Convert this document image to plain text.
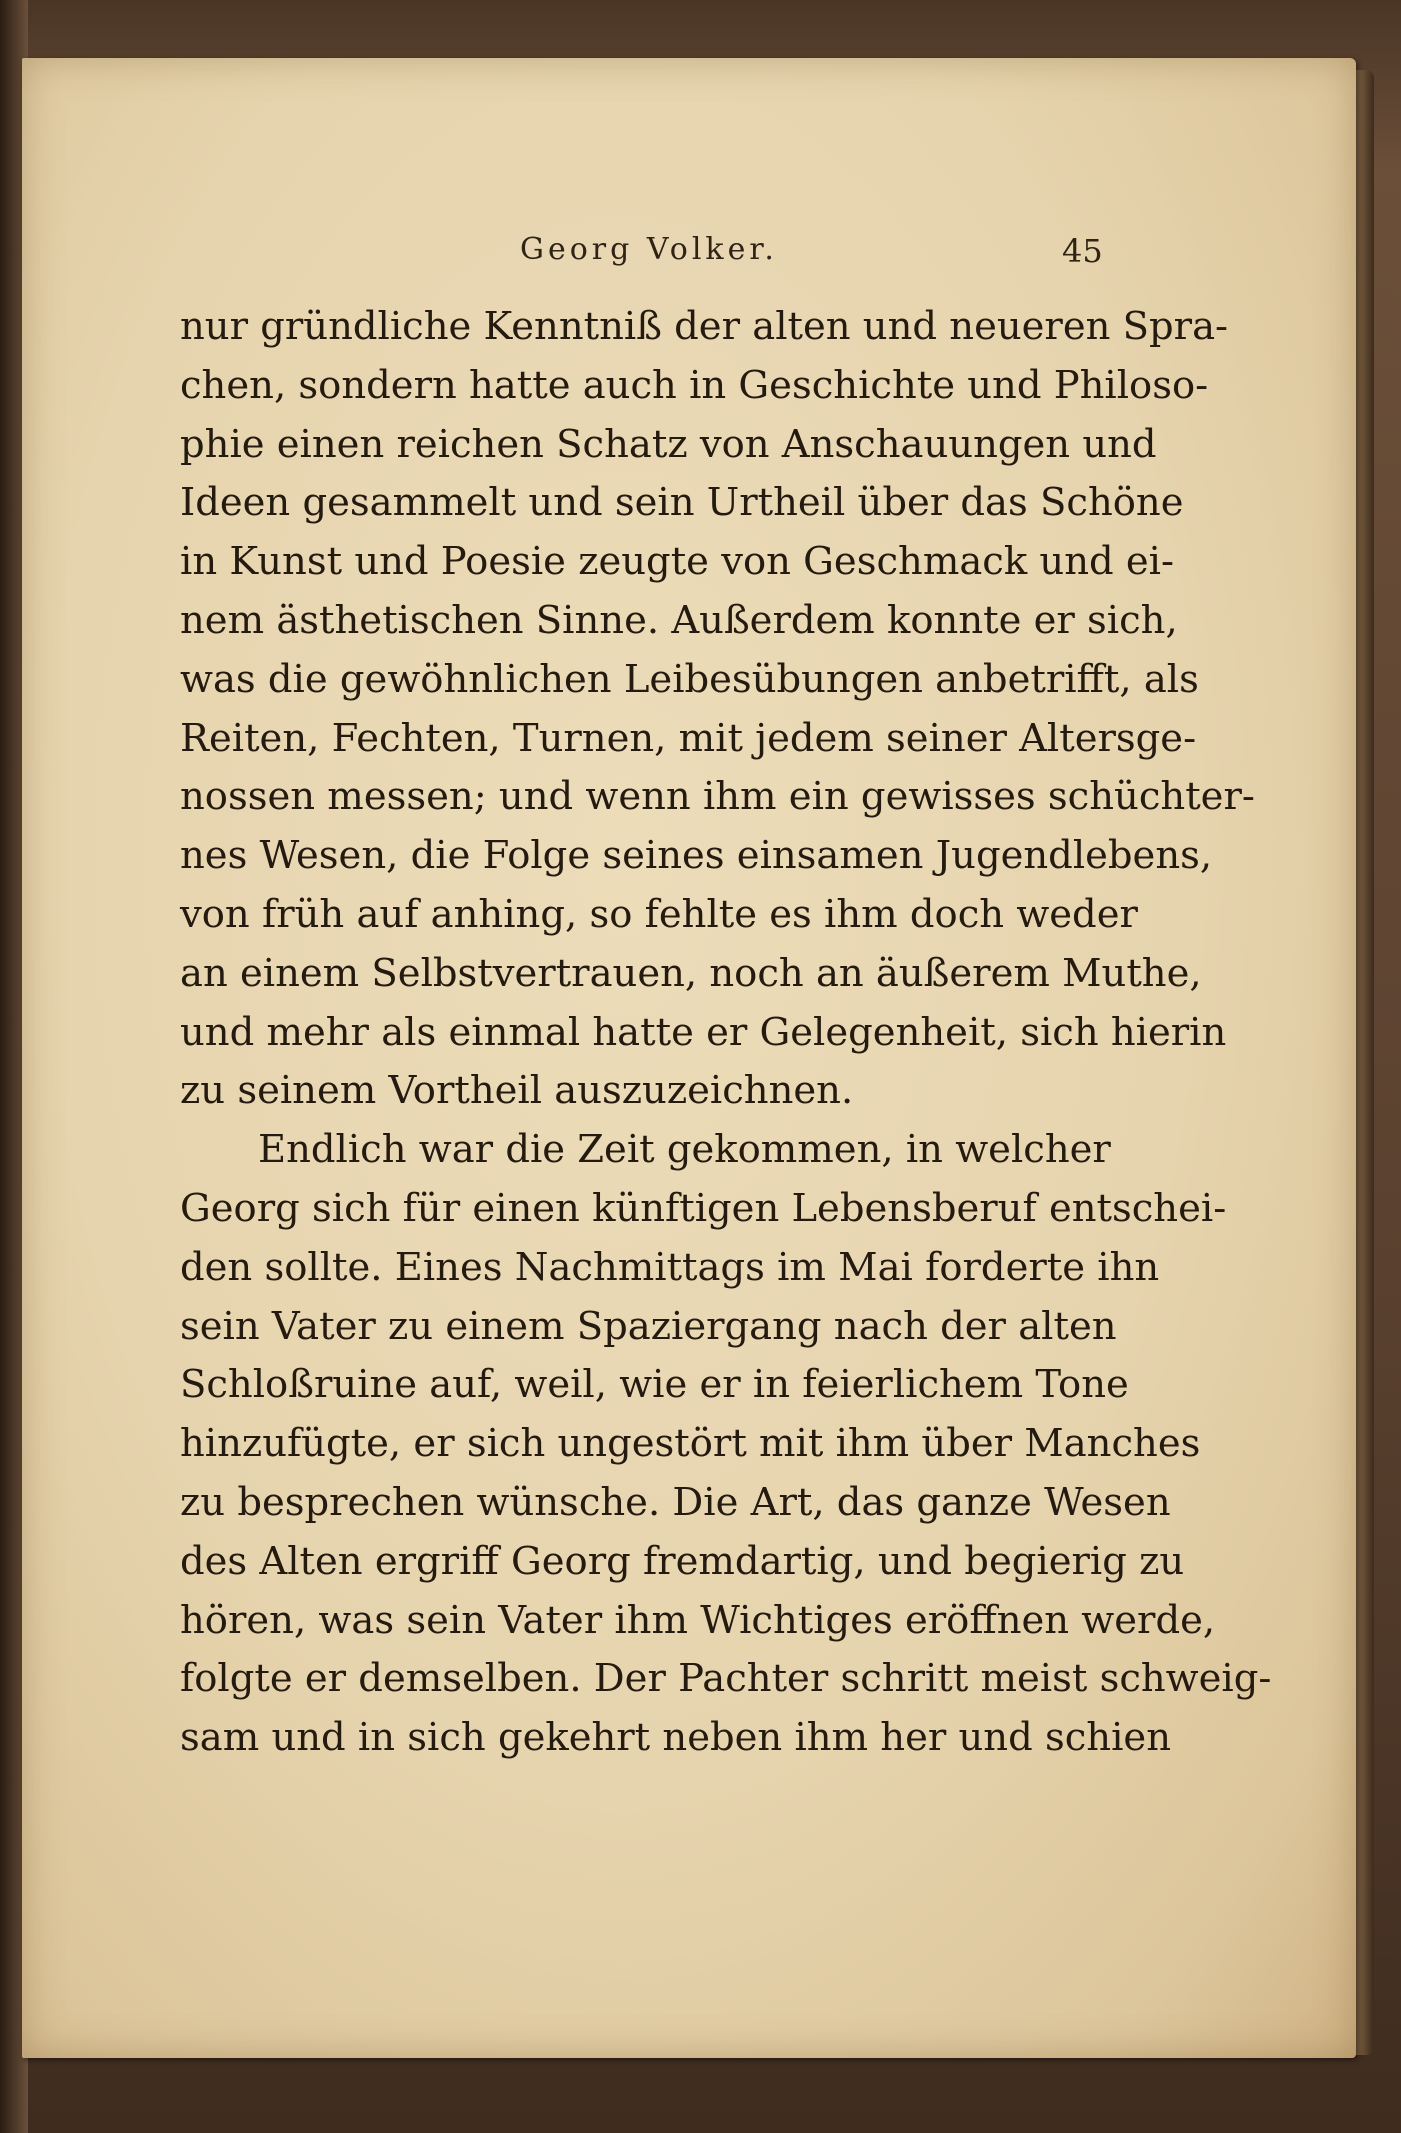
Georg Volker.	45
nur gründliche Kenntniß der alten und neueren Spra-
chen, sondern hatte auch in Geschichte und Philoso-
phie einen reichen Schatz von Anschauungen und
Ideen gesammelt und sein Urtheil über das Schöne
in Kunst und Poesie zeugte von Geschmack und ei-
nem ästhetischen Sinne. Außerdem konnte er sich,
was die gewöhnlichen Leibesübungen anbetrifft, als
Reiten, Fechten, Turnen, mit jedem seiner Altersge-
nossen messen; und wenn ihm ein gewisses schüchter-
nes Wesen, die Folge seines einsamen Jugendlebens,
von früh auf anhing, so fehlte es ihm doch weder
an einem Selbstvertrauen, noch an äußerem Muthe,
und mehr als einmal hatte er Gelegenheit, sich hierin
zu seinem Vortheil auszuzeichnen.
Endlich war die Zeit gekommen, in welcher
Georg sich für einen künftigen Lebensberuf entschei-
den sollte. Eines Nachmittags im Mai forderte ihn
sein Vater zu einem Spaziergang nach der alten
Schloßruine auf, weil, wie er in feierlichem Tone
hinzufügte, er sich ungestört mit ihm über Manches
zu besprechen wünsche. Die Art, das ganze Wesen
des Alten ergriff Georg fremdartig, und begierig zu
hören, was sein Vater ihm Wichtiges eröffnen werde,
folgte er demselben. Der Pachter schritt meist schweig-
sam und in sich gekehrt neben ihm her und schien
